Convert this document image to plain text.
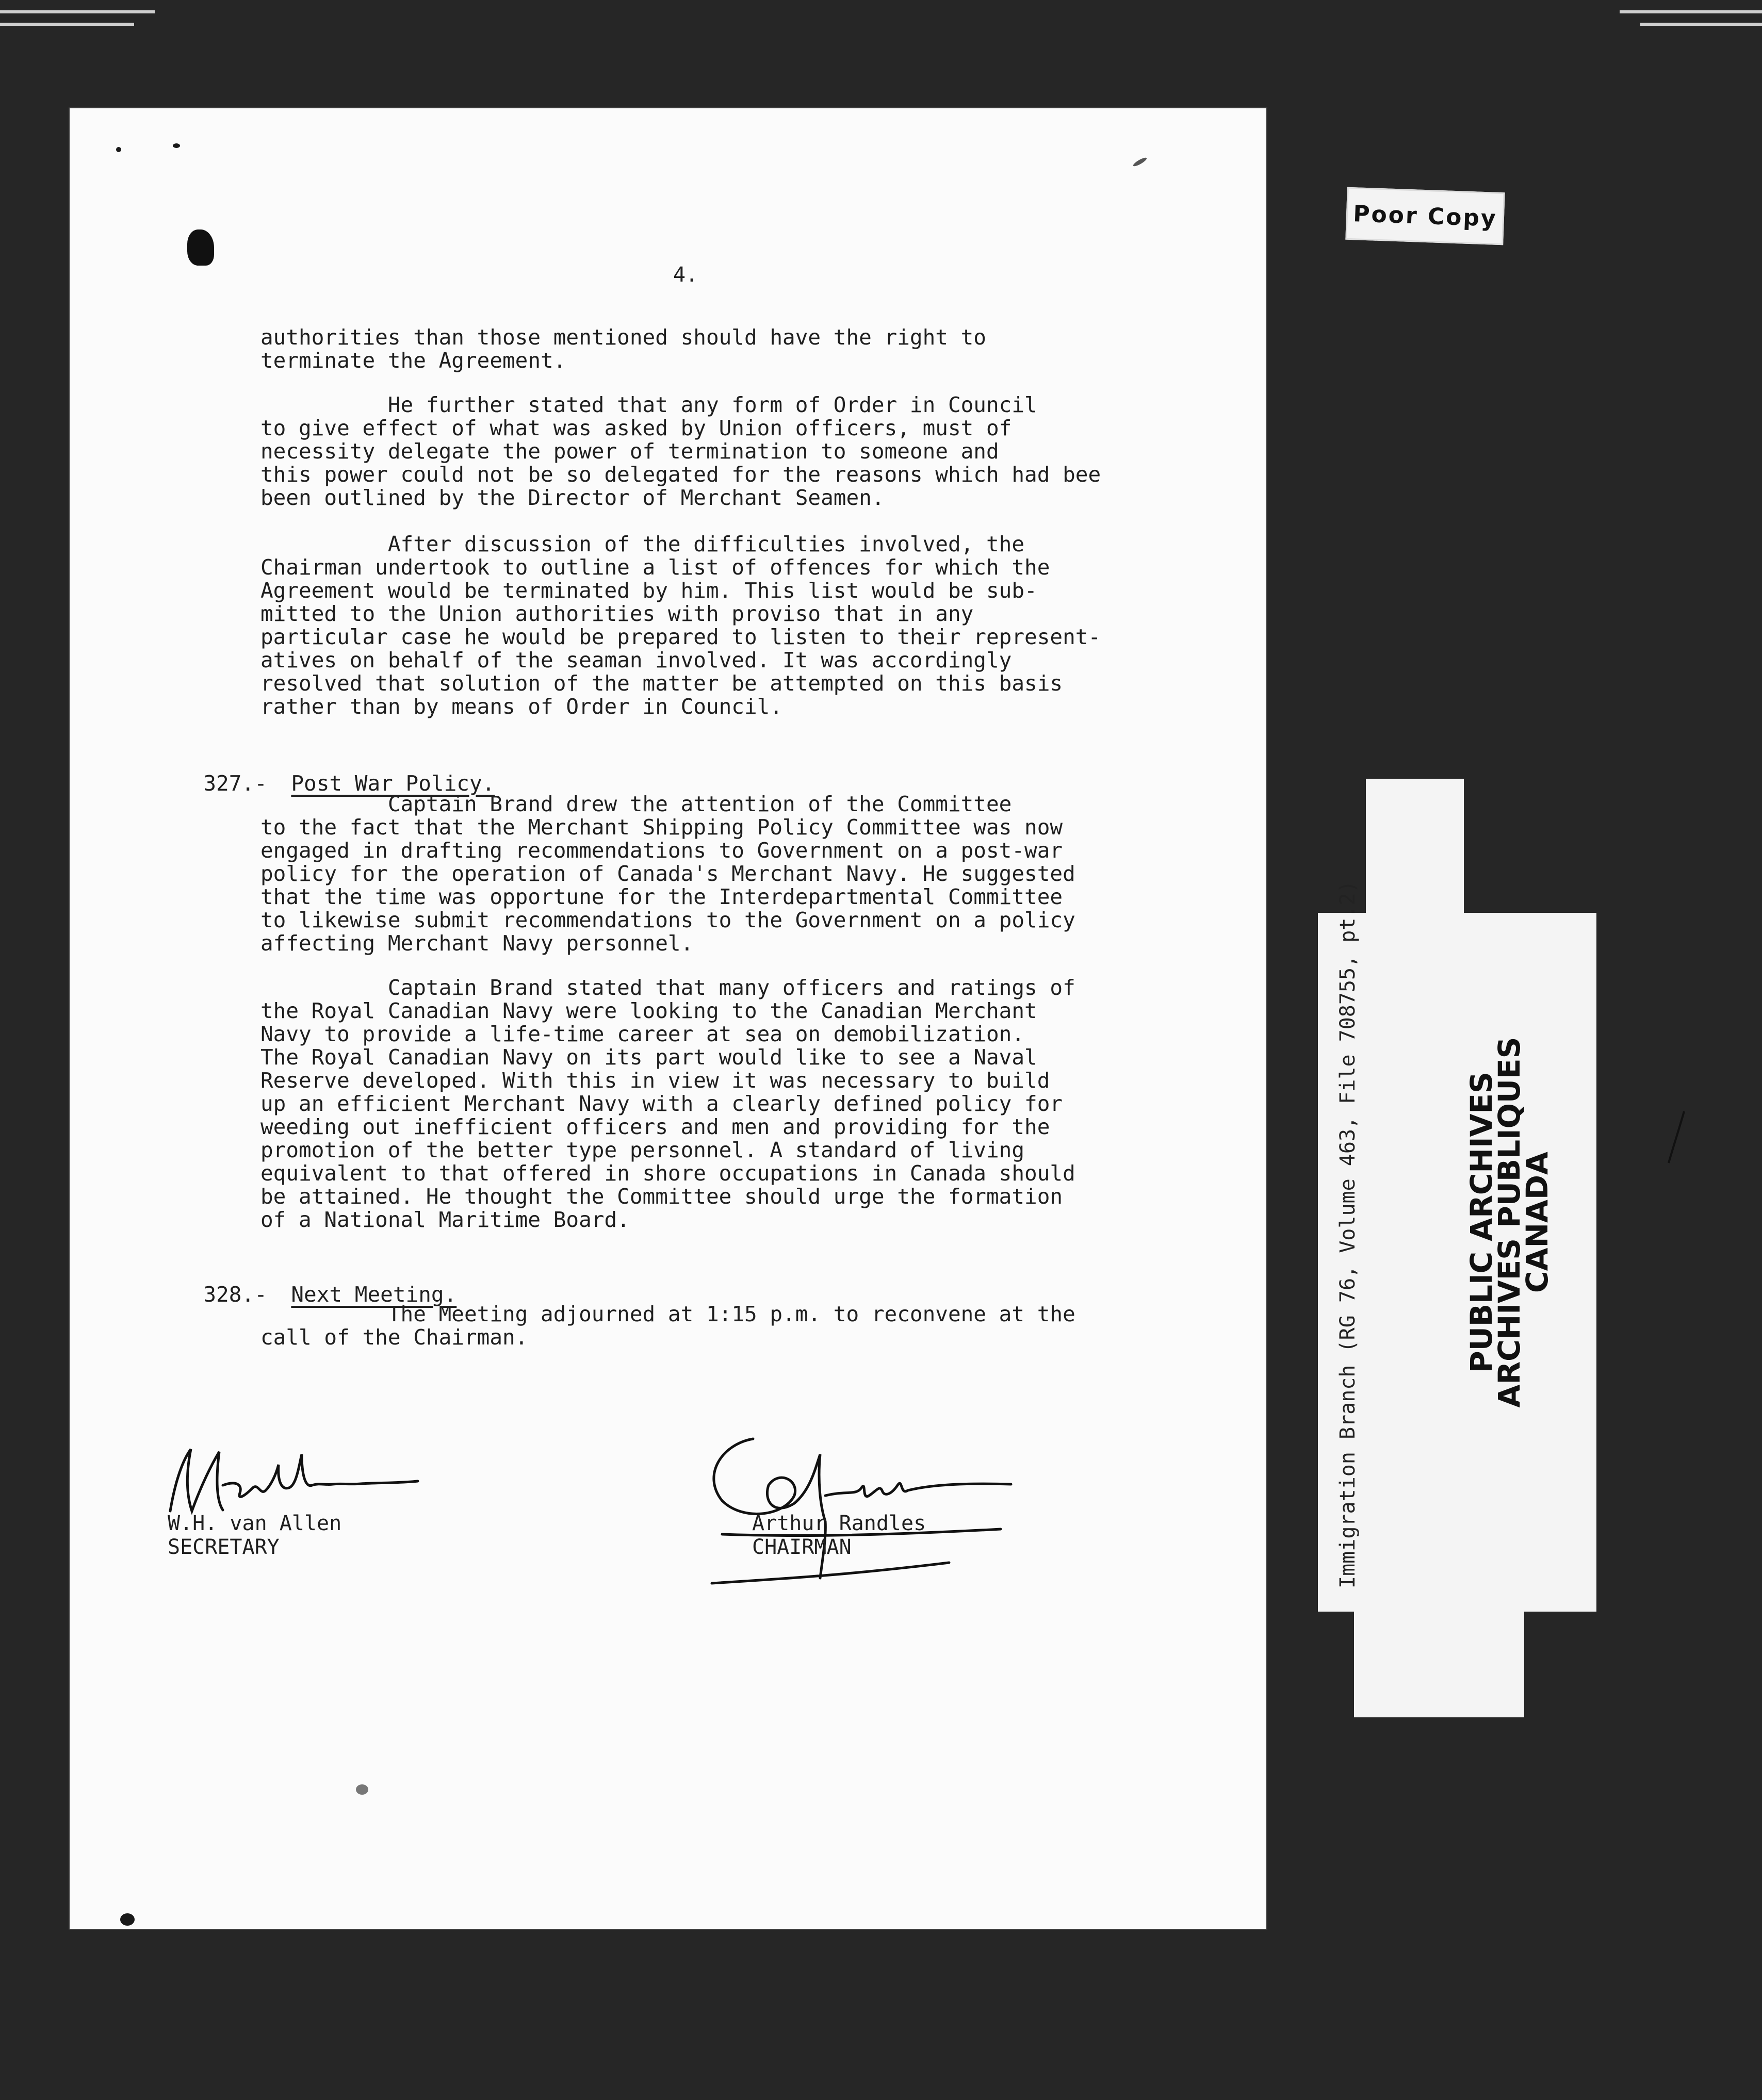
4.
authorities than those mentioned should have the right to
terminate the Agreement.
He further stated that any form of Order in Council
to give effect of what was asked by Union officers, must of
necessity delegate the power of termination to someone and
this power could not be so delegated for the reasons which had bee
been outlined by the Director of Merchant Seamen.
After discussion of the difficulties involved, the
Chairman undertook to outline a list of offences for which the
Agreement would be terminated by him. This list would be sub-
mitted to the Union authorities with proviso that in any
particular case he would be prepared to listen to their represent-
atives on behalf of the seaman involved. It was accordingly
resolved that solution of the matter be attempted on this basis
rather than by means of Order in Council.

327.- Post War Policy.

Captain Brand drew the attention of the Committee
to the fact that the Merchant Shipping Policy Committee was now
engaged in drafting recommendations to Government on a post-war
policy for the operation of Canada's Merchant Navy. He suggested
that the time was opportune for the Interdepartmental Committee
to likewise submit recommendations to the Government on a policy
affecting Merchant Navy personnel.
Captain Brand stated that many officers and ratings of
the Royal Canadian Navy were looking to the Canadian Merchant
Navy to provide a life-time career at sea on demobilization.
The Royal Canadian Navy on its part would like to see a Naval
Reserve developed. With this in view it was necessary to build
up an efficient Merchant Navy with a clearly defined policy for
weeding out inefficient officers and men and providing for the
promotion of the better type personnel. A standard of living
equivalent to that offered in shore occupations in Canada should
be attained. He thought the Committee should urge the formation
of a National Maritime Board.

328.- Next Meeting.

The Meeting adjourned at 1:15 p.m. to reconvene at the
call of the Chairman.
W.H. van Allen
SECRETARY
Arthur Randles
CHAIRMAN
Poor Copy
Immigration Branch (RG 76, Volume 463, File 708755, pt.2)	PUBLIC ARCHIVES
ARCHIVES PUBLIQUES
CANADA
